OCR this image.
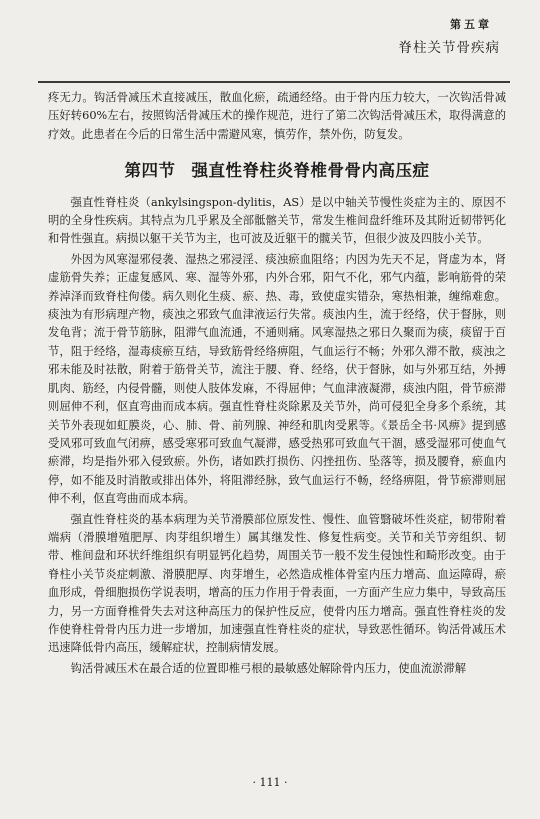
第五章
脊柱关节骨疾病

疼无力。钩活骨减压术直接减压，散血化瘀，疏通经络。由于骨内压力较大，一次钩活骨减压好转60%左右，按照钩活骨减压术的操作规范，进行了第二次钩活骨减压术，取得满意的疗效。此患者在今后的日常生活中需避风寒，慎劳作，禁外伤，防复发。

第四节 强直性脊柱炎脊椎骨骨内高压症

强直性脊柱炎（ankylsingspon-dylitis，AS）是以中轴关节慢性炎症为主的、原因不明的全身性疾病。其特点为几乎累及全部骶髂关节，常发生椎间盘纤维环及其附近韧带钙化和骨性强直。病损以躯干关节为主，也可波及近躯干的髋关节，但很少波及四肢小关节。

外因为风寒湿邪侵袭、湿热之邪浸淫、痰浊瘀血阻络；内因为先天不足，肾虚为本，肾虚筋骨失养；正虚复感风、寒、湿等外邪，内外合邪，阳气不化，邪气内蕴，影响筋骨的荣养淖泽而致脊柱佝偻。病久则化生痰、瘀、热、毒，致使虚实错杂，寒热相兼，缠绵难愈。痰浊为有形病理产物，痰浊之邪致气血津液运行失常。痰浊内生，流于经络，伏于督脉，则发龟背；流于骨节筋脉，阻滞气血流通，不通则痛。风寒湿热之邪日久聚而为痰，痰留于百节，阻于经络，湿毒痰瘀互结，导致筋骨经络痹阻，气血运行不畅；外邪久滞不散，痰浊之邪未能及时祛散，附着于筋骨关节，流注于腰、脊、经络，伏于督脉，如与外邪互结，外搏肌肉、筋经，内侵骨髓，则使人肢体发麻，不得屈伸；气血津液凝滞，痰浊内阻，骨节瘀滞则屈伸不利，伛直弯曲而成本病。强直性脊柱炎除累及关节外，尚可侵犯全身多个系统，其关节外表现如虹膜炎，心、肺、骨、前列腺、神经和肌肉受累等。《景岳全书·风痹》提到感受风邪可致血气闭痹，感受寒邪可致血气凝滞，感受热邪可致血气干涸，感受湿邪可使血气瘀滞，均是指外邪入侵致瘀。外伤，诸如跌打损伤、闪挫扭伤、坠落等，损及腰脊，瘀血内停，如不能及时消散或排出体外，将阻滞经脉，致气血运行不畅，经络痹阻，骨节瘀滞则屈伸不利，伛直弯曲而成本病。

强直性脊柱炎的基本病理为关节滑膜部位原发性、慢性、血管翳破坏性炎症，韧带附着端病（滑膜增殖肥厚、肉芽组织增生）属其继发性、修复性病变。关节和关节旁组织、韧带、椎间盘和环状纤维组织有明显钙化趋势，周围关节一般不发生侵蚀性和畸形改变。由于脊柱小关节炎症刺激、滑膜肥厚、肉芽增生，必然造成椎体骨室内压力增高、血运障碍，瘀血形成，骨细胞损伤学说表明，增高的压力作用于骨表面，一方面产生应力集中，导致高压力，另一方面脊椎骨失去对这种高压力的保护性反应，使骨内压力增高。强直性脊柱炎的发作使脊柱骨骨内压力进一步增加，加速强直性脊柱炎的症状，导致恶性循环。钩活骨减压术迅速降低骨内高压，缓解症状，控制病情发展。

钩活骨减压术在最合适的位置即椎弓根的最敏感处解除骨内压力，使血流淤滞解

· 111 ·
